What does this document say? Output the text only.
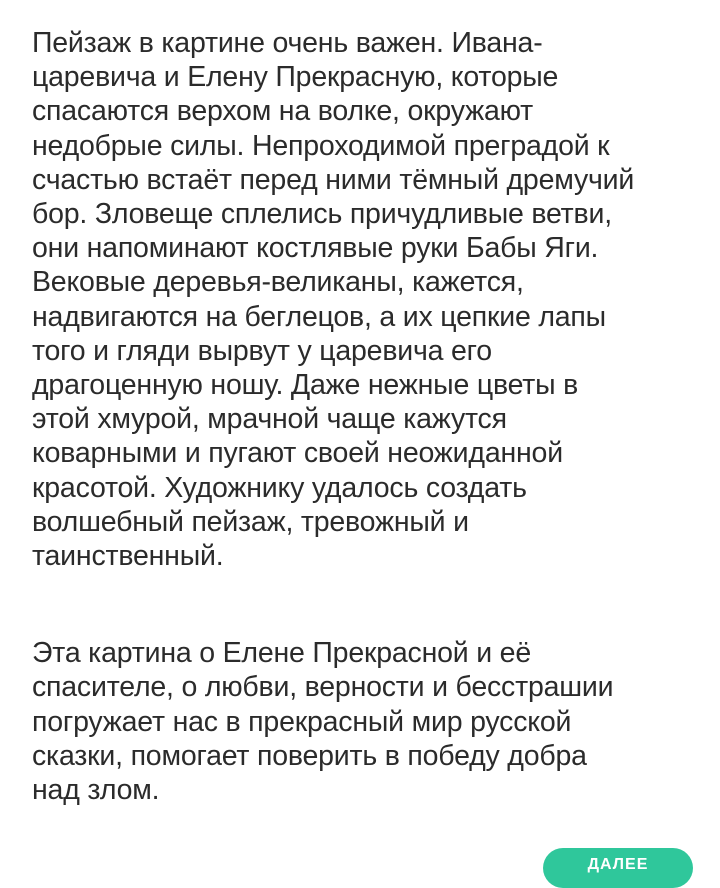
Пейзаж в картине очень важен. Ивана-
царевича и Елену Прекрасную, которые
спасаются верхом на волке, окружают
недобрые силы. Непроходимой преградой к
счастью встаёт перед ними тёмный дремучий
бор. Зловеще сплелись причудливые ветви,
они напоминают костлявые руки Бабы Яги.
Вековые деревья-великаны, кажется,
надвигаются на беглецов, а их цепкие лапы
того и гляди вырвут у царевича его
драгоценную ношу. Даже нежные цветы в
этой хмурой, мрачной чаще кажутся
коварными и пугают своей неожиданной
красотой. Художнику удалось создать
волшебный пейзаж, тревожный и
таинственный.

Эта картина о Елене Прекрасной и её
спасителе, о любви, верности и бесстрашии
погружает нас в прекрасный мир русской
сказки, помогает поверить в победу добра
над злом.

ДАЛЕЕ
